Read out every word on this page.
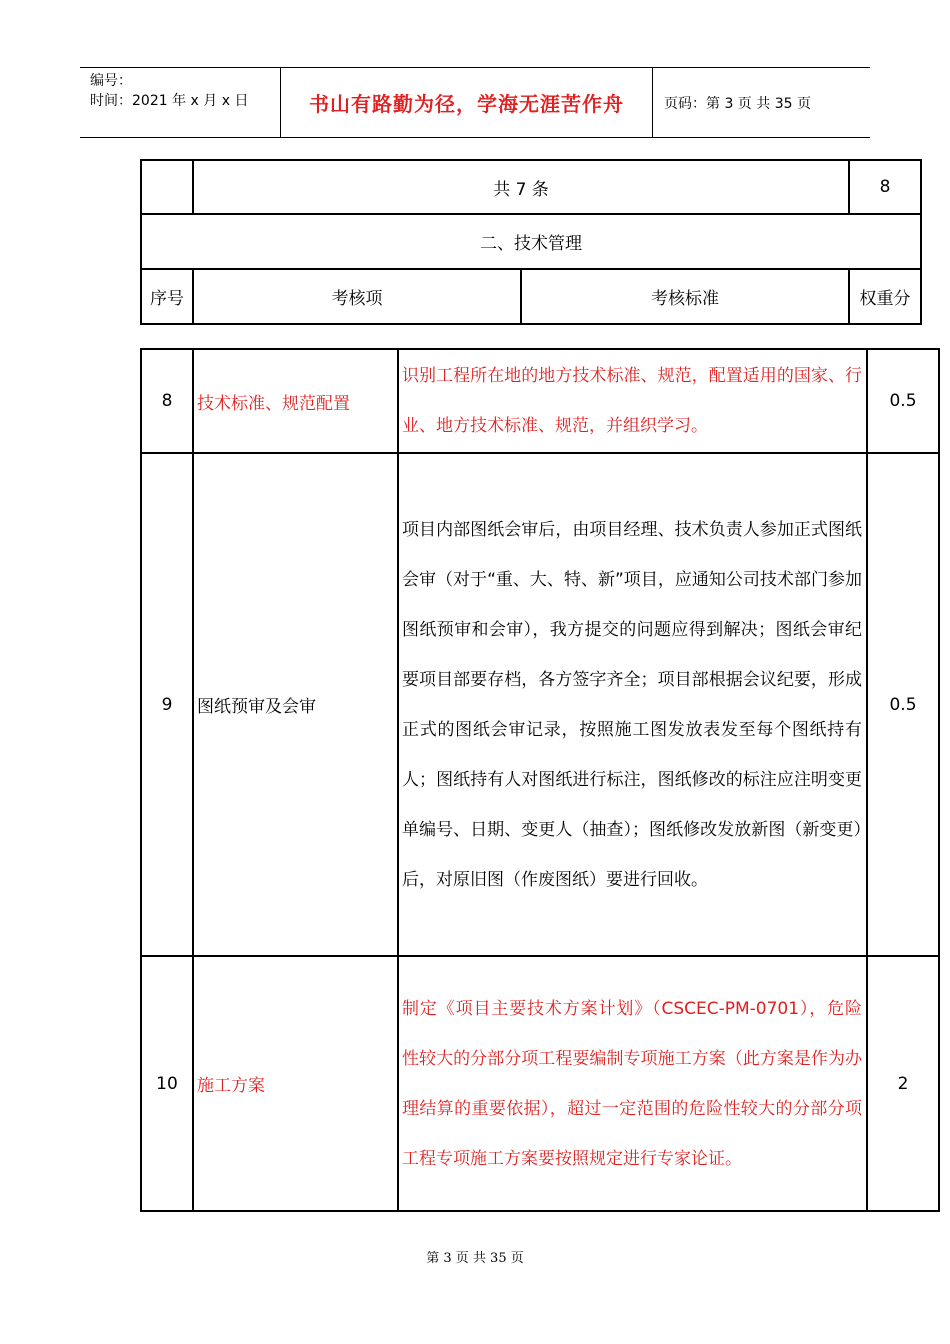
编号：
时间：2021 年 x 月 x 日	书山有路勤为径，学海无涯苦作舟	页码：第 3 页 共 35 页
	共 7 条		8
二、技术管理			
序号	考核项	考核标准	权重分
8	技术标准、规范配置	识别工程所在地的地方技术标准、规范，配置适用的国家、行业、地方技术标准、规范，并组织学习。	0.5
9	图纸预审及会审	项目内部图纸会审后，由项目经理、技术负责人参加正式图纸会审（对于“重、大、特、新”项目，应通知公司技术部门参加图纸预审和会审），我方提交的问题应得到解决；图纸会审纪要项目部要存档，各方签字齐全；项目部根据会议纪要，形成正式的图纸会审记录，按照施工图发放表发至每个图纸持有人；图纸持有人对图纸进行标注，图纸修改的标注应注明变更单编号、日期、变更人（抽查）；图纸修改发放新图（新变更）后，对原旧图（作废图纸）要进行回收。	0.5
10	施工方案	制定《项目主要技术方案计划》（CSCEC-PM-0701），危险性较大的分部分项工程要编制专项施工方案（此方案是作为办理结算的重要依据），超过一定范围的危险性较大的分部分项工程专项施工方案要按照规定进行专家论证。	2
第 3 页 共 35 页
